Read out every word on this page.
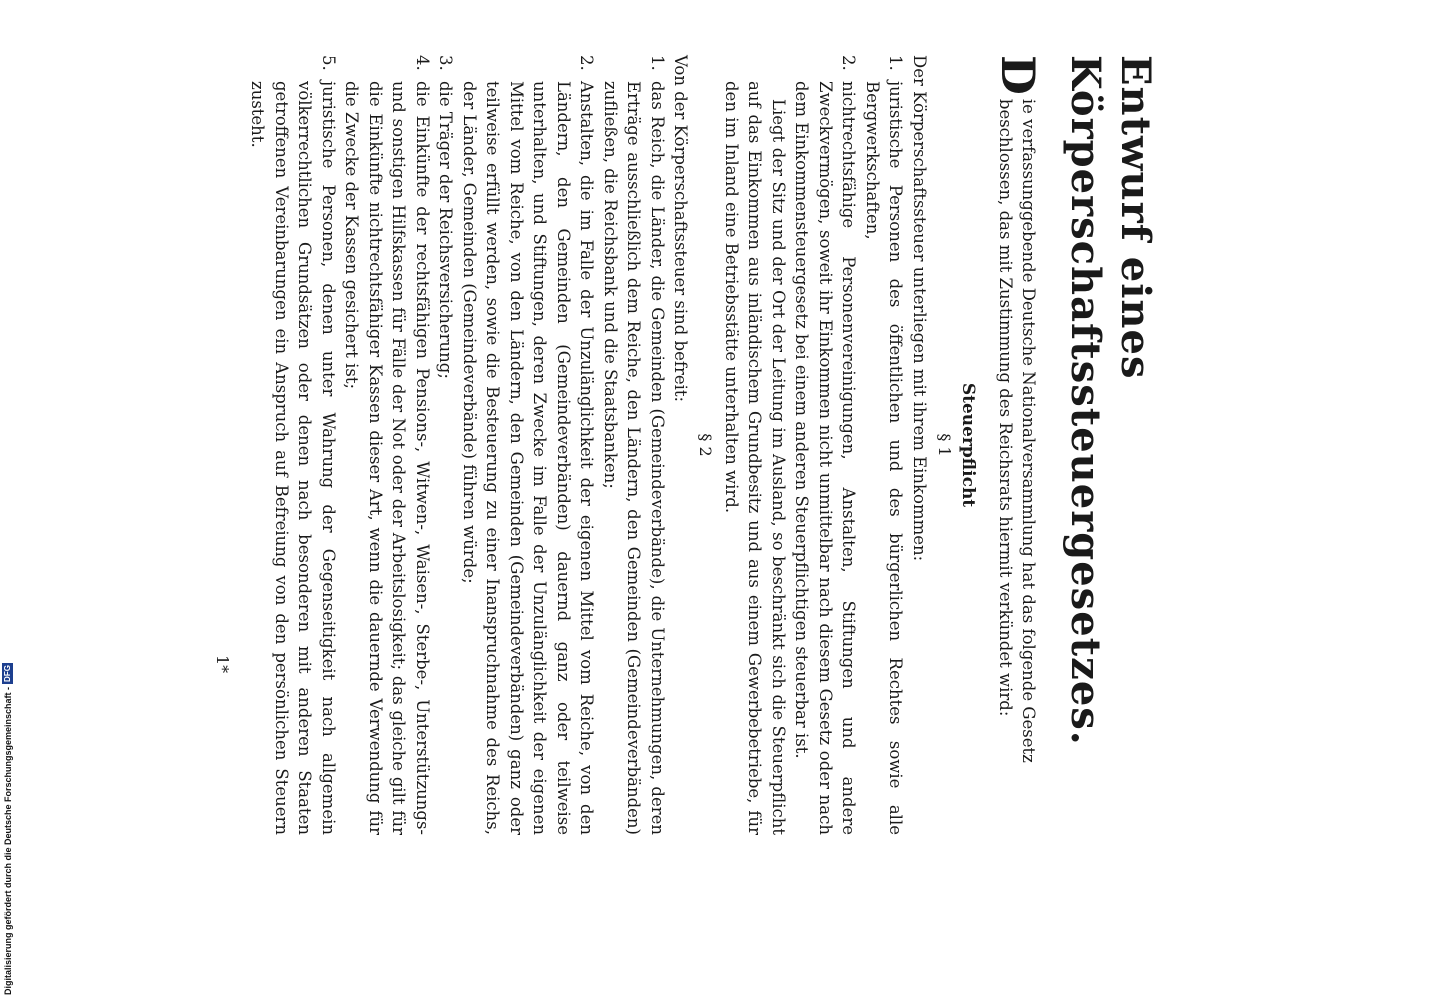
Entwurf eines Körperschaftssteuergesetzes.

D
ie verfassunggebende Deutsche Nationalversammlung hat das folgende Gesetz beschlossen, das mit Zustimmung des Reichsrats hiermit verkündet wird:

Steuerpflicht
§ 1

Der Körperschaftssteuer unterliegen mit ihrem Einkommen:

1.
juristische Personen des öffentlichen und des bürgerlichen Rechtes sowie alle Bergwerkschaften,
2.
nichtrechtsfähige Personenvereinigungen, Anstalten, Stiftungen und andere Zweckvermögen, soweit ihr Einkommen nicht unmittelbar nach diesem Gesetz oder nach dem Einkommensteuergesetz bei einem anderen Steuerpflichtigen steuerbar ist.

Liegt der Sitz und der Ort der Leitung im Ausland, so beschränkt sich die Steuerpflicht auf das Einkommen aus inländischem Grundbesitz und aus einem Gewerbebetriebe, für den im Inland eine Betriebsstätte unterhalten wird.

§ 2

Von der Körperschaftssteuer sind befreit:

1.
das Reich, die Länder, die Gemeinden (Gemeindeverbände), die Unternehmungen, deren Erträge ausschließlich dem Reiche, den Ländern, den Gemeinden (Gemeindeverbänden) zufließen, die Reichsbank und die Staatsbanken;
2.
Anstalten, die im Falle der Unzulänglichkeit der eigenen Mittel vom Reiche, von den Ländern, den Gemeinden (Gemeindeverbänden) dauernd ganz oder teilweise unterhalten, und Stiftungen, deren Zwecke im Falle der Unzulänglichkeit der eigenen Mittel vom Reiche, von den Ländern, den Gemeinden (Gemeindeverbänden) ganz oder teilweise erfüllt werden, sowie die Besteuerung zu einer Inanspruchnahme des Reichs, der Länder, Gemeinden (Gemeindeverbände) führen würde;
3.
die Träger der Reichsversicherung;
4.
die Einkünfte der rechtsfähigen Pensions-, Witwen-, Waisen-, Sterbe-, Unterstützungs- und sonstigen Hilfskassen für Fälle der Not oder der Arbeitslosigkeit; das gleiche gilt für die Einkünfte nichtrechtsfähiger Kassen dieser Art, wenn die dauernde Verwendung für die Zwecke der Kassen gesichert ist;
5.
juristische Personen, denen unter Wahrung der Gegenseitigkeit nach allgemein völkerrechtlichen Grundsätzen oder denen nach besonderen mit anderen Staaten getroffenen Vereinbarungen ein Anspruch auf Befreiung von den persönlichen Steuern zusteht.
1*
Digitalisierung gefördert durch die Deutsche Forschungsgemeinschaft -
DFG
